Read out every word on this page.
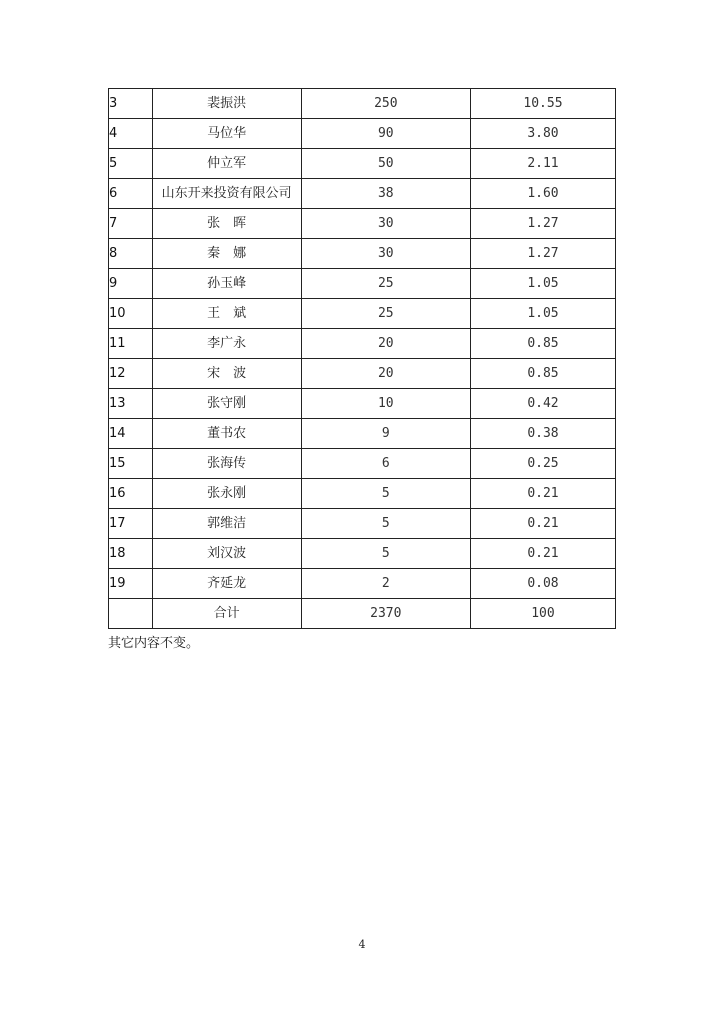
3	裴振洪	250	10.55
4	马位华	90	3.80
5	仲立军	50	2.11
6	山东开来投资有限公司	38	1.60
7	张　晖	30	1.27
8	秦　娜	30	1.27
9	孙玉峰	25	1.05
10	王　斌	25	1.05
11	李广永	20	0.85
12	宋　波	20	0.85
13	张守刚	10	0.42
14	董书农	9	0.38
15	张海传	6	0.25
16	张永刚	5	0.21
17	郭维洁	5	0.21
18	刘汉波	5	0.21
19	齐延龙	2	0.08
	合计	2370	100
其它内容不变。
4
